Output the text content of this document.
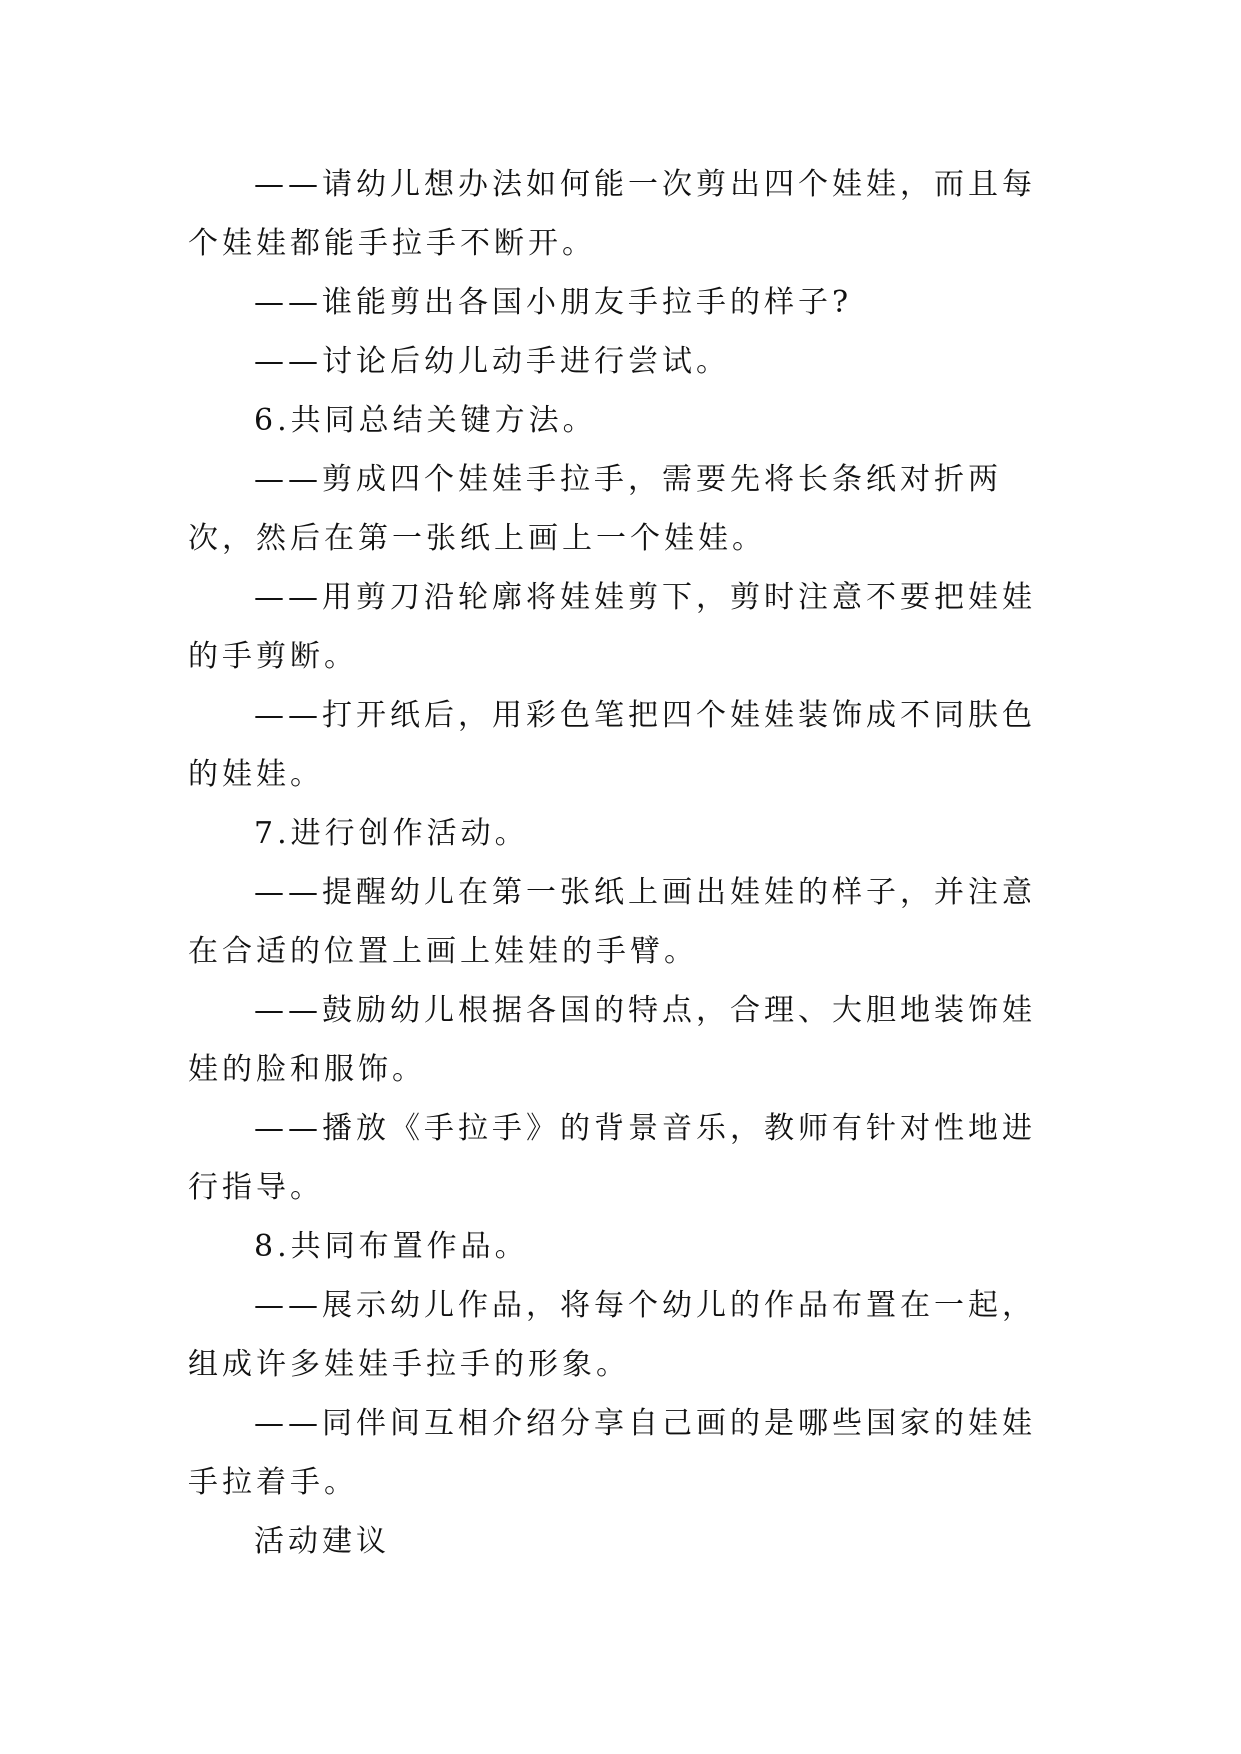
——请幼儿想办法如何能一次剪出四个娃娃，而且每个娃娃都能手拉手不断开。

——谁能剪出各国小朋友手拉手的样子?

——讨论后幼儿动手进行尝试。

6.共同总结关键方法。

——剪成四个娃娃手拉手，需要先将长条纸对折两次，然后在第一张纸上画上一个娃娃。

——用剪刀沿轮廓将娃娃剪下，剪时注意不要把娃娃的手剪断。

——打开纸后，用彩色笔把四个娃娃装饰成不同肤色的娃娃。

7.进行创作活动。

——提醒幼儿在第一张纸上画出娃娃的样子，并注意在合适的位置上画上娃娃的手臂。

——鼓励幼儿根据各国的特点，合理、大胆地装饰娃娃的脸和服饰。

——播放《手拉手》的背景音乐，教师有针对性地进行指导。

8.共同布置作品。

——展示幼儿作品，将每个幼儿的作品布置在一起，组成许多娃娃手拉手的形象。

——同伴间互相介绍分享自己画的是哪些国家的娃娃手拉着手。

活动建议
